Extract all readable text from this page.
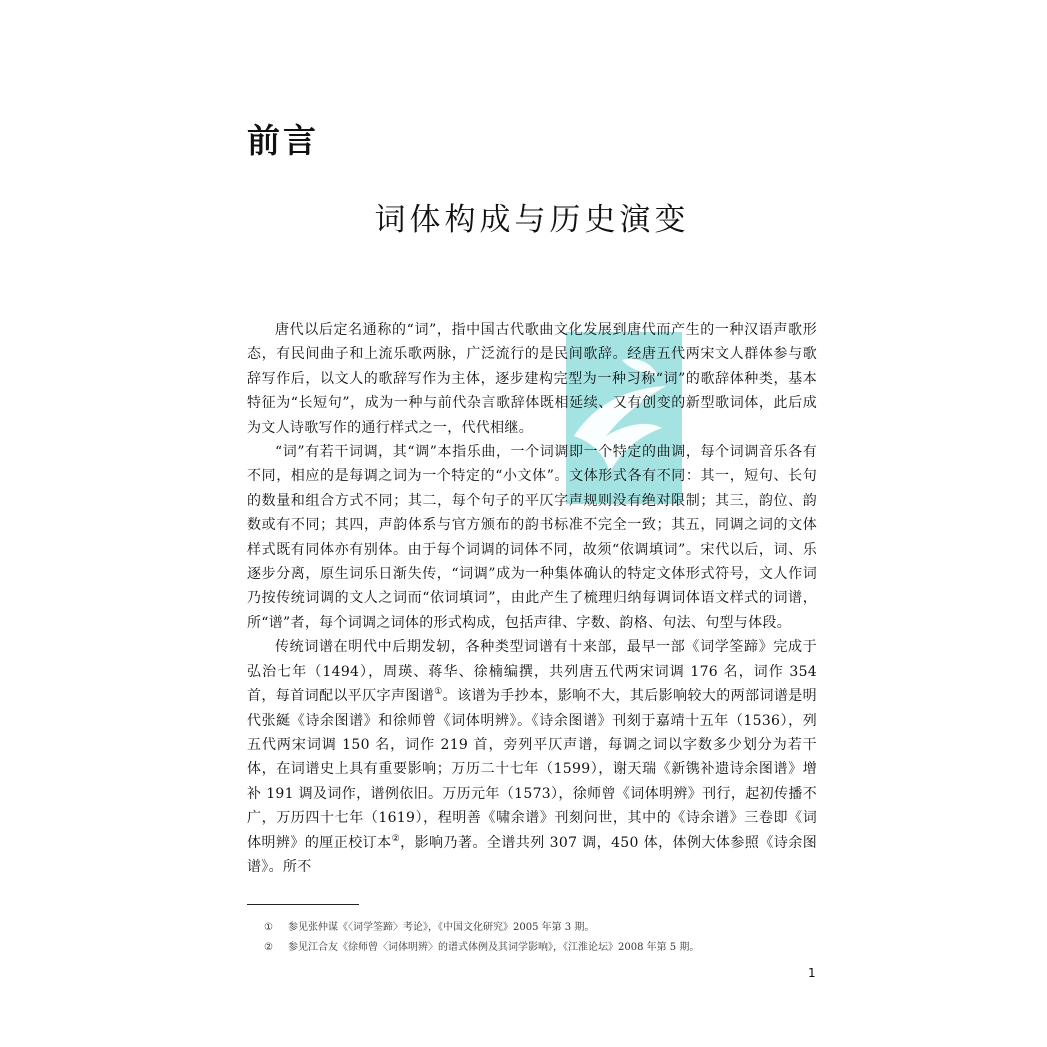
前言
词体构成与历史演变

唐代以后定名通称的“词”，指中国古代歌曲文化发展到唐代而产生的一种汉语声歌形态，有民间曲子和上流乐歌两脉，广泛流行的是民间歌辞。经唐五代两宋文人群体参与歌辞写作后，以文人的歌辞写作为主体，逐步建构完型为一种习称“词”的歌辞体种类，基本特征为“长短句”，成为一种与前代杂言歌辞体既相延续、又有创变的新型歌词体，此后成为文人诗歌写作的通行样式之一，代代相继。

“词”有若干词调，其“调”本指乐曲，一个词调即一个特定的曲调，每个词调音乐各有不同，相应的是每调之词为一个特定的“小文体”。文体形式各有不同：其一，短句、长句的数量和组合方式不同；其二，每个句子的平仄字声规则没有绝对限制；其三，韵位、韵数或有不同；其四，声韵体系与官方颁布的韵书标准不完全一致；其五，同调之词的文体样式既有同体亦有别体。由于每个词调的词体不同，故须“依调填词”。宋代以后，词、乐逐步分离，原生词乐日渐失传，“词调”成为一种集体确认的特定文体形式符号，文人作词乃按传统词调的文人之词而“依词填词”，由此产生了梳理归纳每调词体语文样式的词谱，所“谱”者，每个词调之词体的形式构成，包括声律、字数、韵格、句法、句型与体段。

传统词谱在明代中后期发轫，各种类型词谱有十来部，最早一部《词学筌蹄》完成于弘治七年（1494），周瑛、蒋华、徐楠编撰，共列唐五代两宋词调 176 名，词作 354 首，每首词配以平仄字声图谱①。该谱为手抄本，影响不大，其后影响较大的两部词谱是明代张綖《诗余图谱》和徐师曾《词体明辨》。《诗余图谱》刊刻于嘉靖十五年（1536），列五代两宋词调 150 名，词作 219 首，旁列平仄声谱，每调之词以字数多少划分为若干体，在词谱史上具有重要影响；万历二十七年（1599），谢天瑞《新镌补遗诗余图谱》增补 191 调及词作，谱例依旧。万历元年（1573），徐师曾《词体明辨》刊行，起初传播不广，万历四十七年（1619），程明善《啸余谱》刊刻问世，其中的《诗余谱》三卷即《词体明辨》的厘正校订本②，影响乃著。全谱共列 307 调，450 体，体例大体参照《诗余图谱》。所不

① 参见张仲谋《〈词学筌蹄〉考论》，《中国文化研究》2005 年第 3 期。
② 参见江合友《徐师曾〈词体明辨〉的谱式体例及其词学影响》，《江淮论坛》2008 年第 5 期。
1
